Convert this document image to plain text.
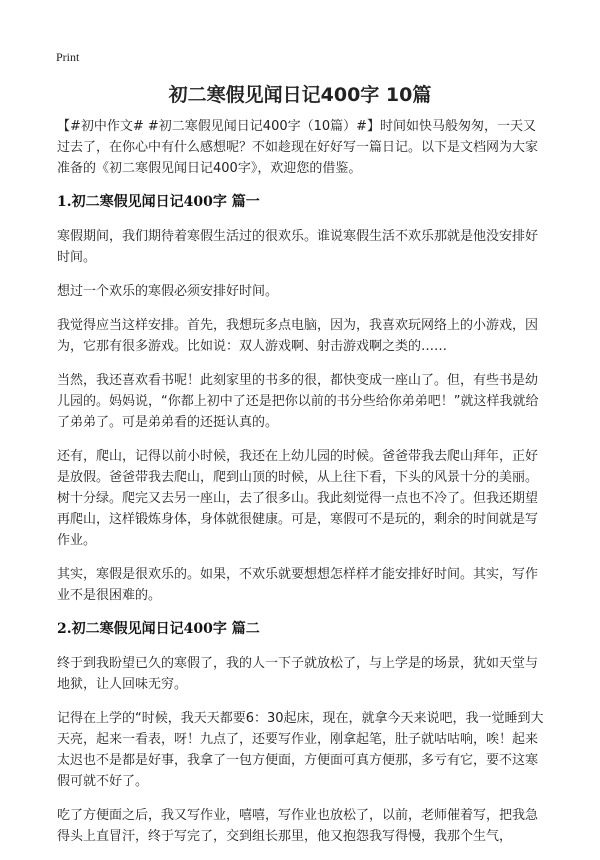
Print
初二寒假见闻日记400字 10篇

【#初中作文# #初二寒假见闻日记400字（10篇）#】时间如快马般匆匆，一天又过去了，在你心中有什么感想呢？不如趁现在好好写一篇日记。以下是文档网为大家准备的《初二寒假见闻日记400字》，欢迎您的借鉴。

1.初二寒假见闻日记400字 篇一

寒假期间，我们期待着寒假生活过的很欢乐。谁说寒假生活不欢乐那就是他没安排好时间。

想过一个欢乐的寒假必须安排好时间。

我觉得应当这样安排。首先，我想玩多点电脑，因为，我喜欢玩网络上的小游戏，因为，它那有很多游戏。比如说：双人游戏啊、射击游戏啊之类的……

当然，我还喜欢看书呢！此刻家里的书多的很，都快变成一座山了。但，有些书是幼儿园的。妈妈说，“你都上初中了还是把你以前的书分些给你弟弟吧！”就这样我就给了弟弟了。可是弟弟看的还挺认真的。

还有，爬山，记得以前小时候，我还在上幼儿园的时候。爸爸带我去爬山拜年，正好是放假。爸爸带我去爬山，爬到山顶的时候，从上往下看，下头的风景十分的美丽。树十分绿。爬完又去另一座山，去了很多山。我此刻觉得一点也不冷了。但我还期望再爬山，这样锻炼身体，身体就很健康。可是，寒假可不是玩的，剩余的时间就是写作业。

其实，寒假是很欢乐的。如果，不欢乐就要想想怎样样才能安排好时间。其实，写作业不是很困难的。

2.初二寒假见闻日记400字 篇二

终于到我盼望已久的寒假了，我的人一下子就放松了，与上学是的场景，犹如天堂与地狱，让人回味无穷。

记得在上学的“时候，我天天都要6：30起床，现在，就拿今天来说吧，我一觉睡到大天亮，起来一看表，呀！九点了，还要写作业，刚拿起笔，肚子就咕咕响，唉！起来太迟也不是都是好事，我拿了一包方便面，方便面可真方便那，多亏有它，要不这寒假可就不好了。

吃了方便面之后，我又写作业，嘻嘻，写作业也放松了，以前，老师催着写，把我急得头上直冒汗，终于写完了，交到组长那里，他又抱怨我写得慢，我那个生气，
